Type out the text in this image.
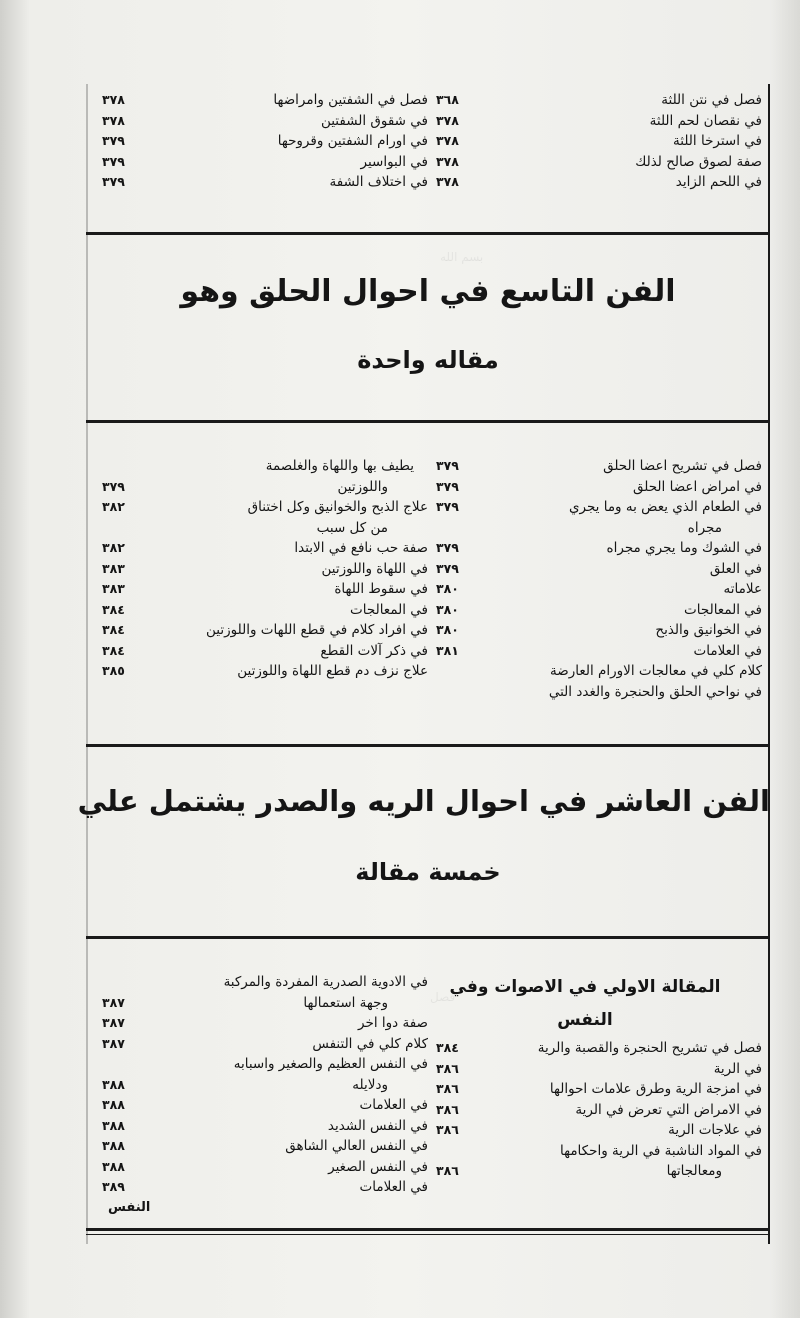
بسم الله
فصل
فصل في نتن اللثة
٣٦٨
في نقصان لحم اللثة
٣٧٨
في استرخا اللثة
٣٧٨
صفة لصوق صالح لذلك
٣٧٨
في اللحم الزايد
٣٧٨
فصل في الشفتين وامراضها
٣٧٨
في شقوق الشفتين
٣٧٨
في اورام الشفتين وقروحها
٣٧٩
في البواسير
٣٧٩
في اختلاف الشفة
٣٧٩
الفن التاسع في احوال الحلق وهو
مقاله واحدة
فصل في تشريح اعضا الحلق
٣٧٩
في امراض اعضا الحلق
٣٧٩
في الطعام الذي يعض به وما يجري
٣٧٩
مجراه
في الشوك وما يجري مجراه
٣٧٩
في العلق
٣٧٩
علاماته
٣٨٠
في المعالجات
٣٨٠
في الخوانيق والذبح
٣٨٠
في العلامات
٣٨١
كلام كلي في معالجات الاورام العارضة
في نواحي الحلق والحنجرة والغدد التي
يطيف بها واللهاة والغلصمة
واللوزتين
٣٧٩
علاج الذبح والخوانيق وكل اختناق
٣٨٢
من كل سبب
صفة حب نافع في الابتدا
٣٨٢
في اللهاة واللوزتين
٣٨٣
في سقوط اللهاة
٣٨٣
في المعالجات
٣٨٤
في افراد كلام في قطع اللهات واللوزتين
٣٨٤
في ذكر آلات القطع
٣٨٤
علاج نزف دم قطع اللهاة واللوزتين
٣٨٥
الفن العاشر في احوال الريه والصدر يشتمل علي
خمسة مقالة
المقالة الاولي في الاصوات وفي
النفس
فصل في تشريح الحنجرة والقصبة والرية
٣٨٤
في الرية
٣٨٦
في امزجة الرية وطرق علامات احوالها
٣٨٦
في الامراض التي تعرض في الرية
٣٨٦
في علاجات الرية
٣٨٦
في المواد الناشبة في الرية واحكامها
ومعالجاتها
٣٨٦
في الادوية الصدرية المفردة والمركبة
وجهة استعمالها
٣٨٧
صفة دوا اخر
٣٨٧
كلام كلي في التنفس
٣٨٧
في النفس العظيم والصغير واسبابه
ودلايله
٣٨٨
في العلامات
٣٨٨
في النفس الشديد
٣٨٨
في النفس العالي الشاهق
٣٨٨
في النفس الصغير
٣٨٨
في العلامات
٣٨٩
النفس
